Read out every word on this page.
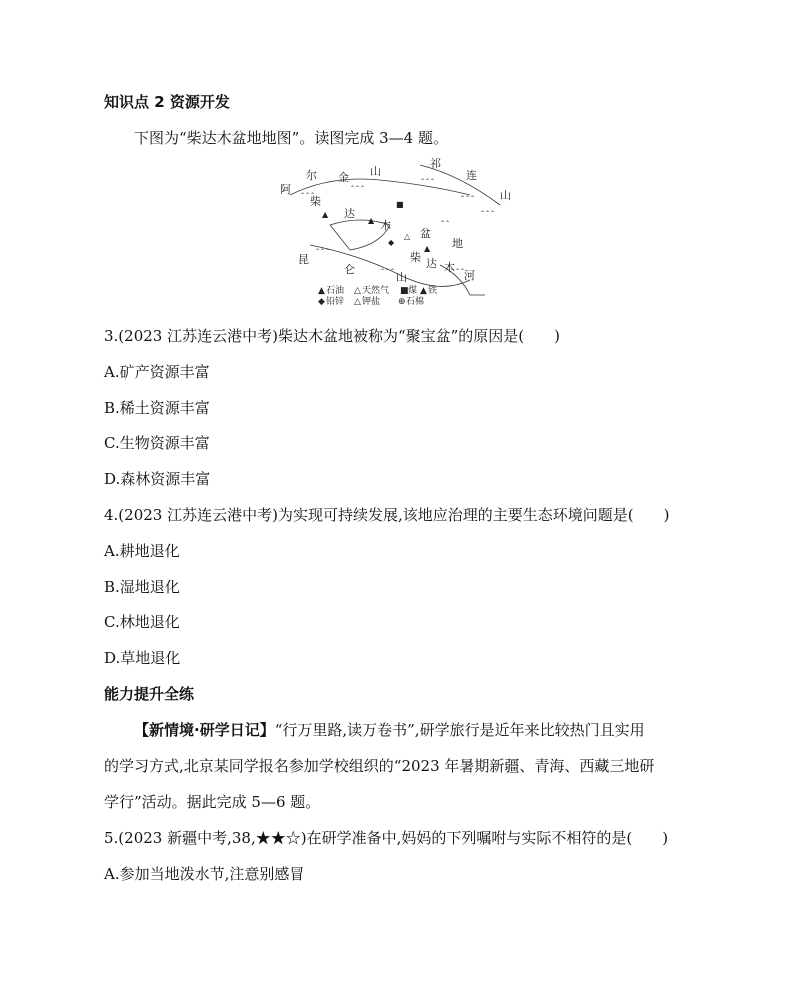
知识点 2 资源开发
下图为“柴达木盆地地图”。读图完成 3—4 题。
⌃⌃⌃
⌃⌃⌃
⌃⌃⌃
⌃⌃⌃
⌃⌃⌃
⌃⌃
⌃⌃⌃
⌃⌃⌃	⌃⌃⌃
阿
尔 金 山
祁
连
山
柴
达
木
盆
地
昆
仑
山
柴 达 木
河
▲
▲
■
△
◆
▲
▲ 石油 △ 天然气 ■ 煤 ▲ 铁
◆ 铅锌 △ 钾盐 ⊕ 石棉
3.(2023 江苏连云港中考)柴达木盆地被称为“聚宝盆”的原因是(　　)
A.矿产资源丰富
B.稀土资源丰富
C.生物资源丰富
D.森林资源丰富
4.(2023 江苏连云港中考)为实现可持续发展,该地应治理的主要生态环境问题是(　　)
A.耕地退化
B.湿地退化
C.林地退化
D.草地退化
能力提升全练
【新情境·研学日记】“行万里路,读万卷书”,研学旅行是近年来比较热门且实用
的学习方式,北京某同学报名参加学校组织的“2023 年暑期新疆、青海、西藏三地研
学行”活动。据此完成 5—6 题。
5.(2023 新疆中考,38,★★☆)在研学准备中,妈妈的下列嘱咐与实际不相符的是(　　)
A.参加当地泼水节,注意别感冒
